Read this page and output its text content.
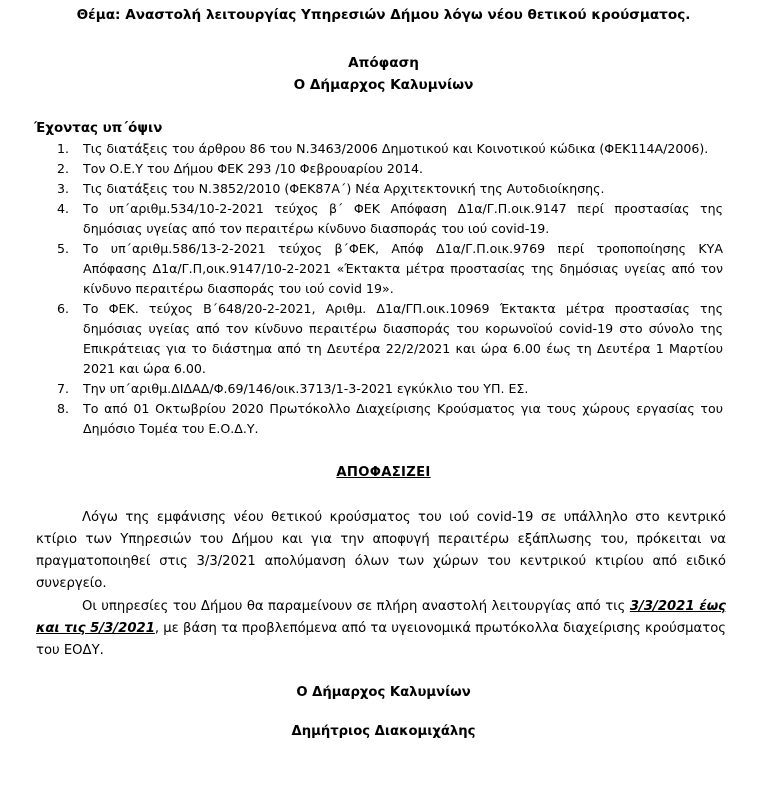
Θέμα: Αναστολή λειτουργίας Υπηρεσιών Δήμου λόγω νέου θετικού κρούσματος.
Απόφαση
Ο Δήμαρχος Καλυμνίων
Έχοντας υπ΄όψιν
1. Τις διατάξεις του άρθρου 86 του Ν.3463/2006 Δημοτικού και Κοινοτικού κώδικα (ΦΕΚ114Α/2006).
2. Τον Ο.Ε.Υ του Δήμου ΦΕΚ 293 /10 Φεβρουαρίου 2014.
3. Τις διατάξεις του Ν.3852/2010 (ΦΕΚ87Α΄) Νέα Αρχιτεκτονική της Αυτοδιοίκησης.
4. Το υπ΄αριθμ.534/10-2-2021 τεύχος β΄ ΦΕΚ Απόφαση Δ1α/Γ.Π.οικ.9147 περί προστασίας της δημόσιας υγείας από τον περαιτέρω κίνδυνο διασποράς του ιού covid-19.
5. Το υπ΄αριθμ.586/13-2-2021 τεύχος β΄ΦΕΚ, Απόφ Δ1α/Γ.Π.οικ.9769 περί τροποποίησης ΚΥΑ Απόφασης Δ1α/Γ.Π,οικ.9147/10-2-2021 «Έκτακτα μέτρα προστασίας της δημόσιας υγείας από τον κίνδυνο περαιτέρω διασποράς του ιού covid 19».
6. Το ΦΕΚ. τεύχος Β΄648/20-2-2021, Αριθμ. Δ1α/ΓΠ.οικ.10969 Έκτακτα μέτρα προστασίας της δημόσιας υγείας από τον κίνδυνο περαιτέρω διασποράς του κορωνοϊού covid-19 στο σύνολο της Επικράτειας για το διάστημα από τη Δευτέρα 22/2/2021 και ώρα 6.00 έως τη Δευτέρα 1 Μαρτίου 2021 και ώρα 6.00.
7. Την υπ΄αριθμ.ΔΙΔΑΔ/Φ.69/146/οικ.3713/1-3-2021 εγκύκλιο του ΥΠ. ΕΣ.
8. Το από 01 Οκτωβρίου 2020 Πρωτόκολλο Διαχείρισης Κρούσματος για τους χώρους εργασίας του Δημόσιο Τομέα του Ε.Ο.Δ.Υ.
ΑΠΟΦΑΣΙΖΕΙ
Λόγω της εμφάνισης νέου θετικού κρούσματος του ιού covid-19 σε υπάλληλο στο κεντρικό κτίριο των Υπηρεσιών του Δήμου και για την αποφυγή περαιτέρω εξάπλωσης του, πρόκειται να πραγματοποιηθεί στις 3/3/2021 απολύμανση όλων των χώρων του κεντρικού κτιρίου από ειδικό συνεργείο.
Οι υπηρεσίες του Δήμου θα παραμείνουν σε πλήρη αναστολή λειτουργίας από τις 3/3/2021 έως και τις 5/3/2021, με βάση τα προβλεπόμενα από τα υγειονομικά πρωτόκολλα διαχείρισης κρούσματος του ΕΟΔΥ.
Ο Δήμαρχος Καλυμνίων
Δημήτριος Διακομιχάλης
